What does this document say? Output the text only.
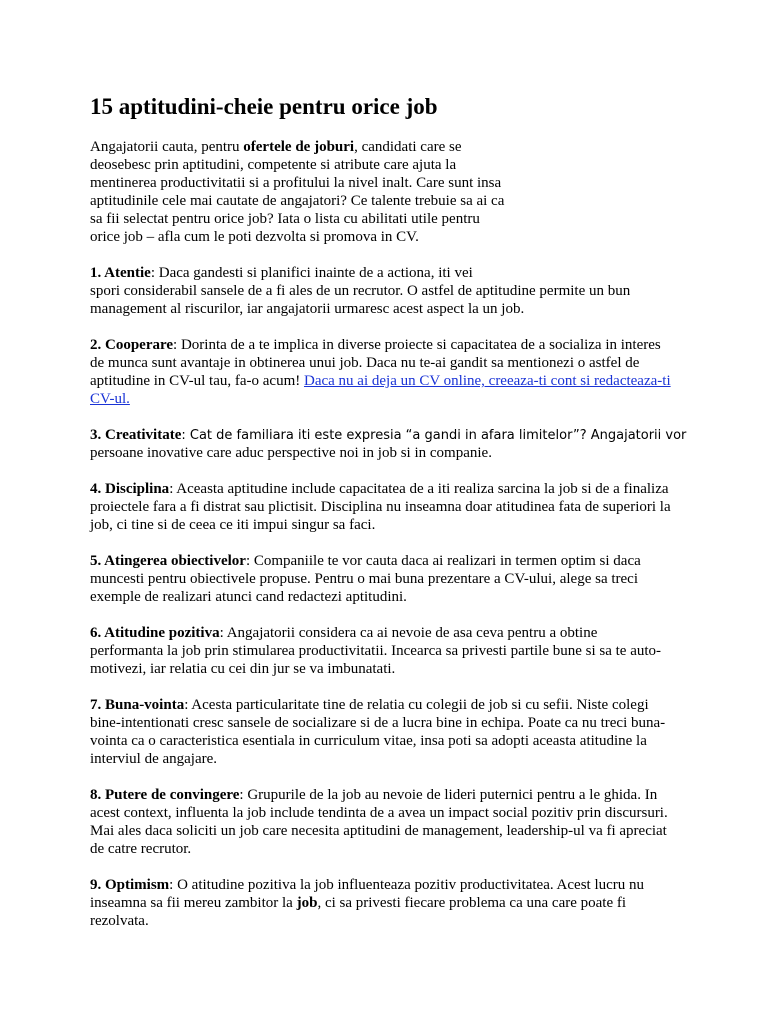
15 aptitudini-cheie pentru orice job
Angajatorii cauta, pentru ofertele de joburi, candidati care se
deosebesc prin aptitudini, competente si atribute care ajuta la
mentinerea productivitatii si a profitului la nivel inalt. Care sunt insa
aptitudinile cele mai cautate de angajatori? Ce talente trebuie sa ai ca
sa fii selectat pentru orice job? Iata o lista cu abilitati utile pentru
orice job – afla cum le poti dezvolta si promova in CV.
1. Atentie: Daca gandesti si planifici inainte de a actiona, iti vei
spori considerabil sansele de a fi ales de un recrutor. O astfel de aptitudine permite un bun
management al riscurilor, iar angajatorii urmaresc acest aspect la un job.
2. Cooperare: Dorinta de a te implica in diverse proiecte si capacitatea de a socializa in interes
de munca sunt avantaje in obtinerea unui job. Daca nu te-ai gandit sa mentionezi o astfel de
aptitudine in CV-ul tau, fa-o acum! Daca nu ai deja un CV online, creeaza-ti cont si redacteaza-ti
CV-ul.
3. Creativitate: Cat de familiara iti este expresia “a gandi in afara limitelor”? Angajatorii vor
persoane inovative care aduc perspective noi in job si in companie.
4. Disciplina: Aceasta aptitudine include capacitatea de a iti realiza sarcina la job si de a finaliza
proiectele fara a fi distrat sau plictisit. Disciplina nu inseamna doar atitudinea fata de superiori la
job, ci tine si de ceea ce iti impui singur sa faci.
5. Atingerea obiectivelor: Companiile te vor cauta daca ai realizari in termen optim si daca
muncesti pentru obiectivele propuse. Pentru o mai buna prezentare a CV-ului, alege sa treci
exemple de realizari atunci cand redactezi aptitudini.
6. Atitudine pozitiva: Angajatorii considera ca ai nevoie de asa ceva pentru a obtine
performanta la job prin stimularea productivitatii. Incearca sa privesti partile bune si sa te auto-
motivezi, iar relatia cu cei din jur se va imbunatati.
7. Buna-vointa: Acesta particularitate tine de relatia cu colegii de job si cu sefii. Niste colegi
bine-intentionati cresc sansele de socializare si de a lucra bine in echipa. Poate ca nu treci buna-
vointa ca o caracteristica esentiala in curriculum vitae, insa poti sa adopti aceasta atitudine la
interviul de angajare.
8. Putere de convingere: Grupurile de la job au nevoie de lideri puternici pentru a le ghida. In
acest context, influenta la job include tendinta de a avea un impact social pozitiv prin discursuri.
Mai ales daca soliciti un job care necesita aptitudini de management, leadership-ul va fi apreciat
de catre recrutor.
9. Optimism: O atitudine pozitiva la job influenteaza pozitiv productivitatea. Acest lucru nu
inseamna sa fii mereu zambitor la job, ci sa privesti fiecare problema ca una care poate fi
rezolvata.
